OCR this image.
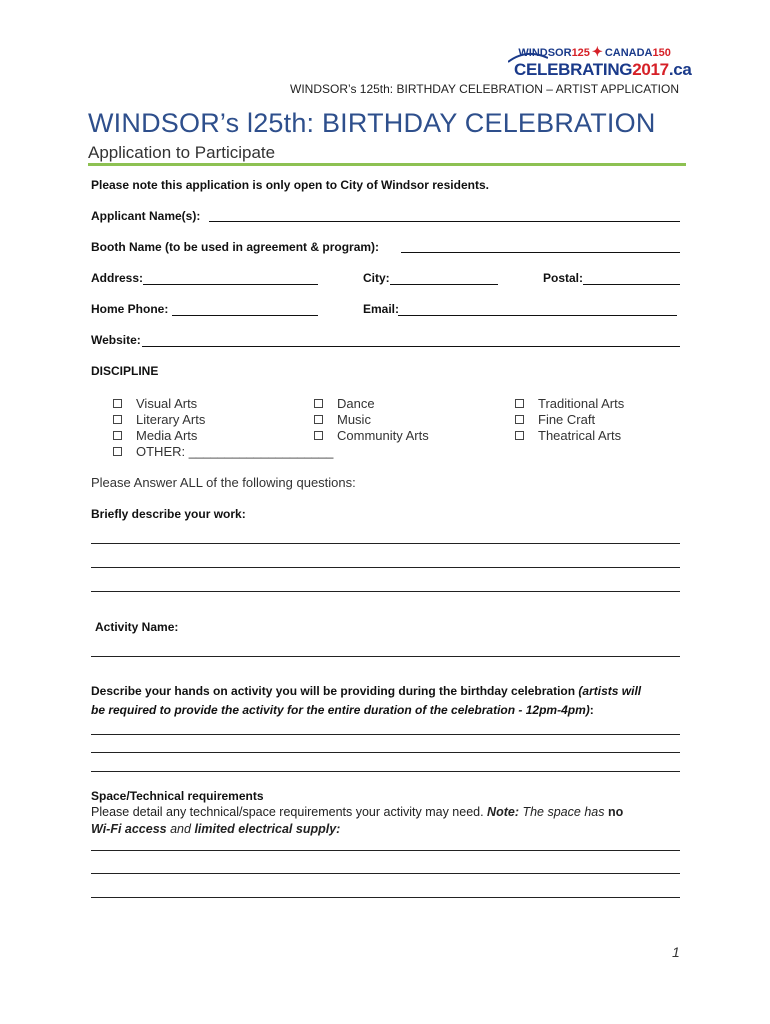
WINDSOR125 ✦ CANADA150
CELEBRATING2017.ca
WINDSOR’s 125th: BIRTHDAY CELEBRATION – ARTIST APPLICATION
WINDSOR’s l25th: BIRTHDAY CELEBRATION
Application to Participate
Please note this application is only open to City of Windsor residents.
Applicant Name(s):
Booth Name (to be used in agreement & program):
Address:	City:	Postal:
Home Phone:	Email:
Website:
DISCIPLINE
Visual Arts
Literary Arts
Media Arts
OTHER: ____________________
Dance
Music
Community Arts
Traditional Arts
Fine Craft
Theatrical Arts
Please Answer ALL of the following questions:
Briefly describe your work:
Activity Name:
Describe your hands on activity you will be providing during the birthday celebration (artists will
be required to provide the activity for the entire duration of the celebration - 12pm-4pm):
Space/Technical requirements
Please detail any technical/space requirements your activity may need. Note: The space has no
Wi-Fi access and limited electrical supply:
1
